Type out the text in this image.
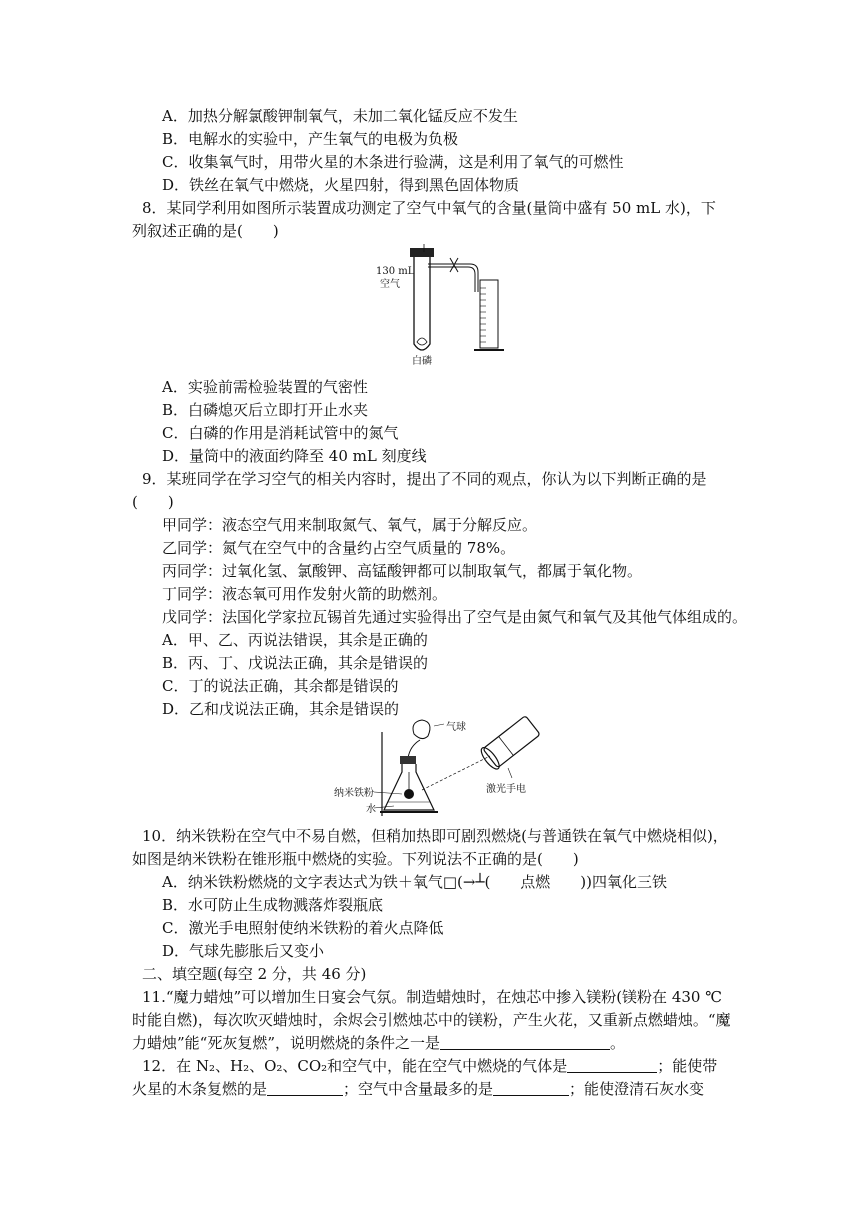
A．加热分解氯酸钾制氧气，未加二氧化锰反应不发生
B．电解水的实验中，产生氧气的电极为负极
C．收集氧气时，用带火星的木条进行验满，这是利用了氧气的可燃性
D．铁丝在氧气中燃烧，火星四射，得到黑色固体物质
8．某同学利用如图所示装置成功测定了空气中氧气的含量(量筒中盛有 50 mL 水)，下
列叙述正确的是(　　)
130 mL
空气
白磷
A．实验前需检验装置的气密性
B．白磷熄灭后立即打开止水夹
C．白磷的作用是消耗试管中的氮气
D．量筒中的液面约降至 40 mL 刻度线
9．某班同学在学习空气的相关内容时，提出了不同的观点，你认为以下判断正确的是
(　　)
甲同学：液态空气用来制取氮气、氧气，属于分解反应。
乙同学：氮气在空气中的含量约占空气质量的 78%。
丙同学：过氧化氢、氯酸钾、高锰酸钾都可以制取氧气，都属于氧化物。
丁同学：液态氧可用作发射火箭的助燃剂。
戊同学：法国化学家拉瓦锡首先通过实验得出了空气是由氮气和氧气及其他气体组成的。
A．甲、乙、丙说法错误，其余是正确的
B．丙、丁、戊说法正确，其余是错误的
C．丁的说法正确，其余都是错误的
D．乙和戊说法正确，其余是错误的
气球
纳米铁粉
水
激光手电
10．纳米铁粉在空气中不易自燃，但稍加热即可剧烈燃烧(与普通铁在氧气中燃烧相似)，
如图是纳米铁粉在锥形瓶中燃烧的实验。下列说法不正确的是(　　)
A．纳米铁粉燃烧的文字表达式为铁＋氧气□(→┴(　　点燃　　))四氧化三铁
B．水可防止生成物溅落炸裂瓶底
C．激光手电照射使纳米铁粉的着火点降低
D．气球先膨胀后又变小
二、填空题(每空 2 分，共 46 分)
11.“魔力蜡烛”可以增加生日宴会气氛。制造蜡烛时，在烛芯中掺入镁粉(镁粉在 430 ℃
时能自燃)，每次吹灭蜡烛时，余烬会引燃烛芯中的镁粉，产生火花，又重新点燃蜡烛。“魔
力蜡烛”能“死灰复燃”，说明燃烧的条件之一是	。
12．在 N₂、H₂、O₂、CO₂和空气中，能在空气中燃烧的气体是	；能使带
火星的木条复燃的是	；空气中含量最多的是	；能使澄清石灰水变
